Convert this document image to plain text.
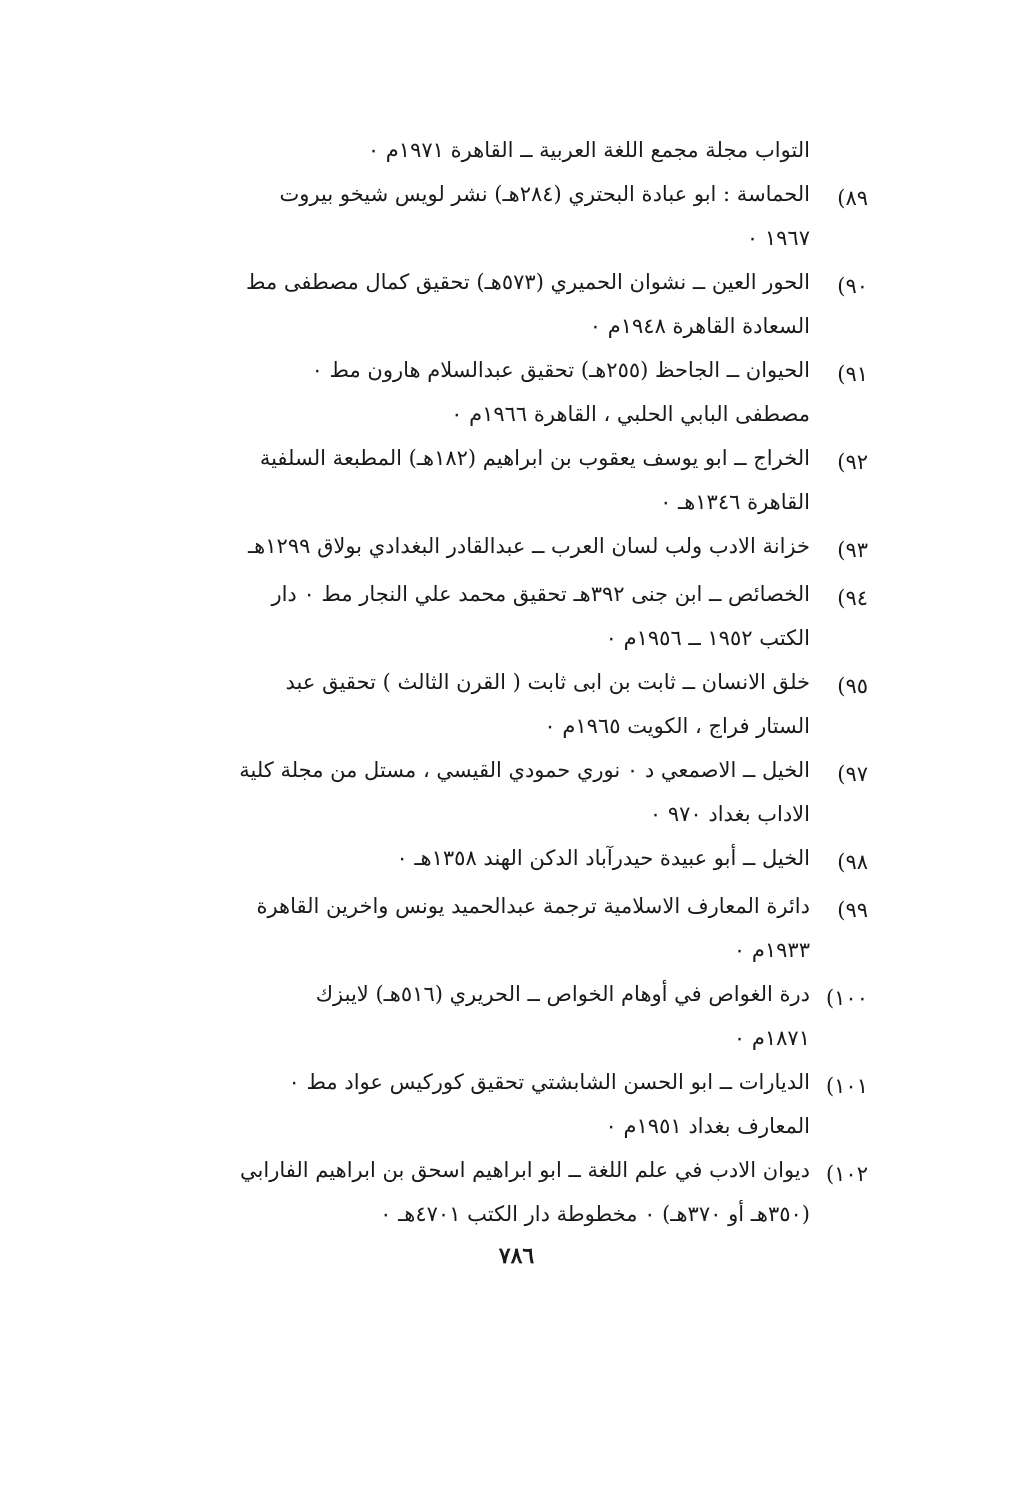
التواب مجلة مجمع اللغة العربية ــ القاهرة ١٩٧١م ٠
٨٩)
الحماسة : ابو عبادة البحتري (٢٨٤هـ) نشر لويس شيخو بيروت
١٩٦٧ ٠
٩٠)
الحور العين ــ نشوان الحميري (٥٧٣هـ) تحقيق كمال مصطفى مط
السعادة القاهرة ١٩٤٨م ٠
٩١)
الحيوان ــ الجاحظ (٢٥٥هـ) تحقيق عبدالسلام هارون مط ٠
مصطفى البابي الحلبي ، القاهرة ١٩٦٦م ٠
٩٢)
الخراج ــ ابو يوسف يعقوب بن ابراهيم (١٨٢هـ) المطبعة السلفية
القاهرة ١٣٤٦هـ ٠
٩٣)
خزانة الادب ولب لسان العرب ــ عبدالقادر البغدادي بولاق ١٢٩٩هـ
٩٤)
الخصائص ــ ابن جنى ٣٩٢هـ تحقيق محمد علي النجار مط ٠ دار
الكتب ١٩٥٢ ــ ١٩٥٦م ٠
٩٥)
خلق الانسان ــ ثابت بن ابى ثابت ( القرن الثالث ) تحقيق عبد
الستار فراج ، الكويت ١٩٦٥م ٠
٩٧)
الخيل ــ الاصمعي د ٠ نوري حمودي القيسي ، مستل من مجلة كلية
الاداب بغداد ٩٧٠ ٠
٩٨)
الخيل ــ أبو عبيدة حيدرآباد الدكن الهند ١٣٥٨هـ ٠
٩٩)
دائرة المعارف الاسلامية ترجمة عبدالحميد يونس واخرين القاهرة
١٩٣٣م ٠
١٠٠)
درة الغواص في أوهام الخواص ــ الحريري (٥١٦هـ) لايبزك
١٨٧١م ٠
١٠١)
الديارات ــ ابو الحسن الشابشتي تحقيق كوركيس عواد مط ٠
المعارف بغداد ١٩٥١م ٠
١٠٢)
ديوان الادب في علم اللغة ــ ابو ابراهيم اسحق بن ابراهيم الفارابي
(٣٥٠هـ أو ٣٧٠هـ) ٠ مخطوطة دار الكتب ٤٧٠١هـ ٠
٧٨٦
